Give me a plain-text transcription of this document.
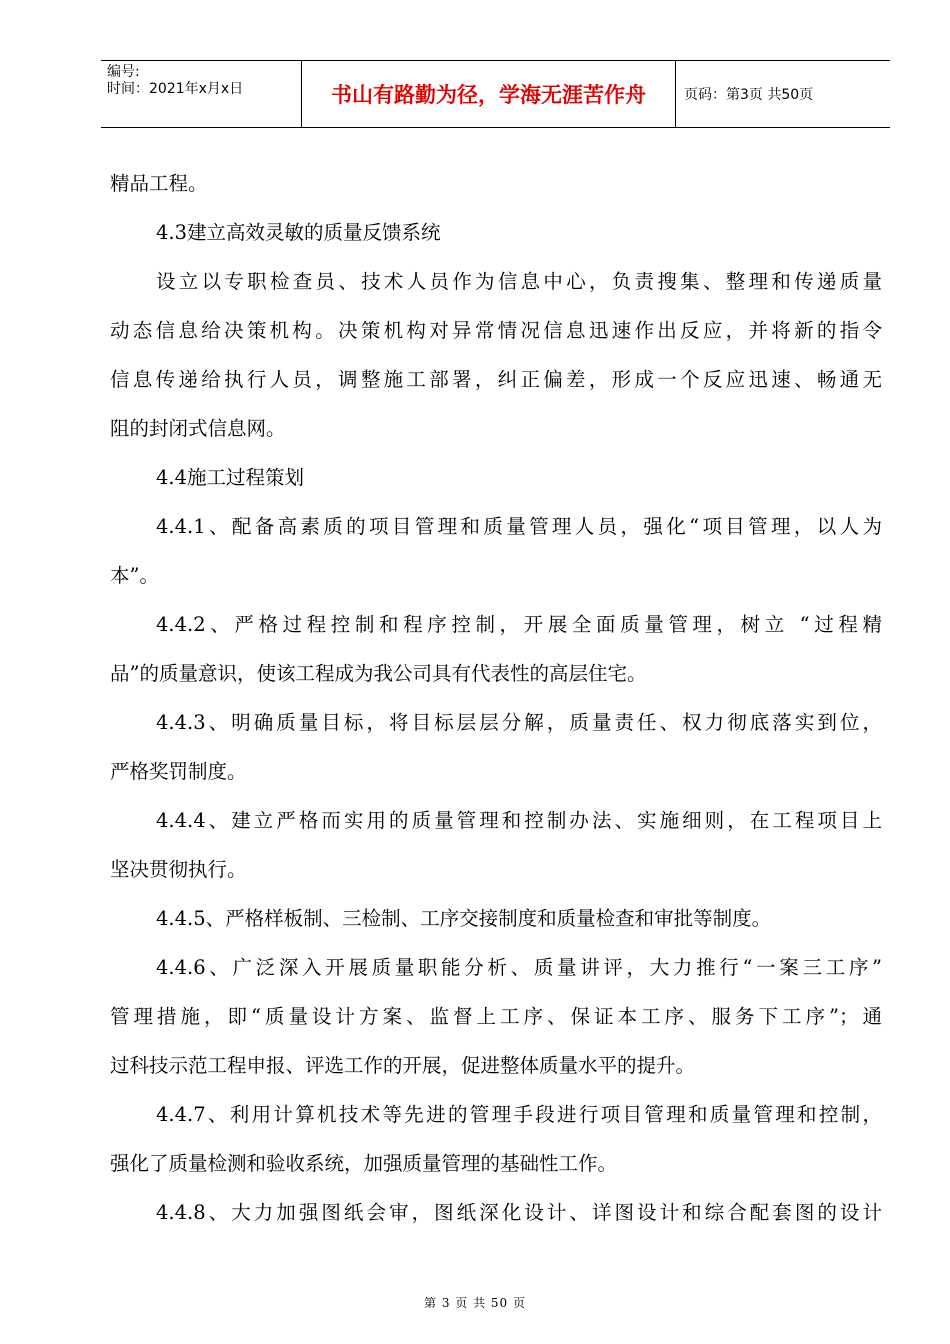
编号:
时间：2021年x月x日	书山有路勤为径，学海无涯苦作舟	页码：第3页 共50页
精品工程。
4.3建立高效灵敏的质量反馈系统
设立以专职检查员、技术人员作为信息中心，负责搜集、整理和传递质量
动态信息给决策机构。决策机构对异常情况信息迅速作出反应，并将新的指令
信息传递给执行人员，调整施工部署，纠正偏差，形成一个反应迅速、畅通无
阻的封闭式信息网。
4.4施工过程策划
4.4.1、配备高素质的项目管理和质量管理人员，强化“项目管理，以人为
本”。
4.4.2、严格过程控制和程序控制，开展全面质量管理，树立 “过程精
品”的质量意识，使该工程成为我公司具有代表性的高层住宅。
4.4.3、明确质量目标，将目标层层分解，质量责任、权力彻底落实到位，
严格奖罚制度。
4.4.4、建立严格而实用的质量管理和控制办法、实施细则，在工程项目上
坚决贯彻执行。
4.4.5、严格样板制、三检制、工序交接制度和质量检查和审批等制度。
4.4.6、广泛深入开展质量职能分析、质量讲评，大力推行“一案三工序”
管理措施，即“质量设计方案、监督上工序、保证本工序、服务下工序”；通
过科技示范工程申报、评选工作的开展，促进整体质量水平的提升。
4.4.7、利用计算机技术等先进的管理手段进行项目管理和质量管理和控制，
强化了质量检测和验收系统，加强质量管理的基础性工作。
4.4.8、大力加强图纸会审，图纸深化设计、详图设计和综合配套图的设计
第 3 页 共 50 页
